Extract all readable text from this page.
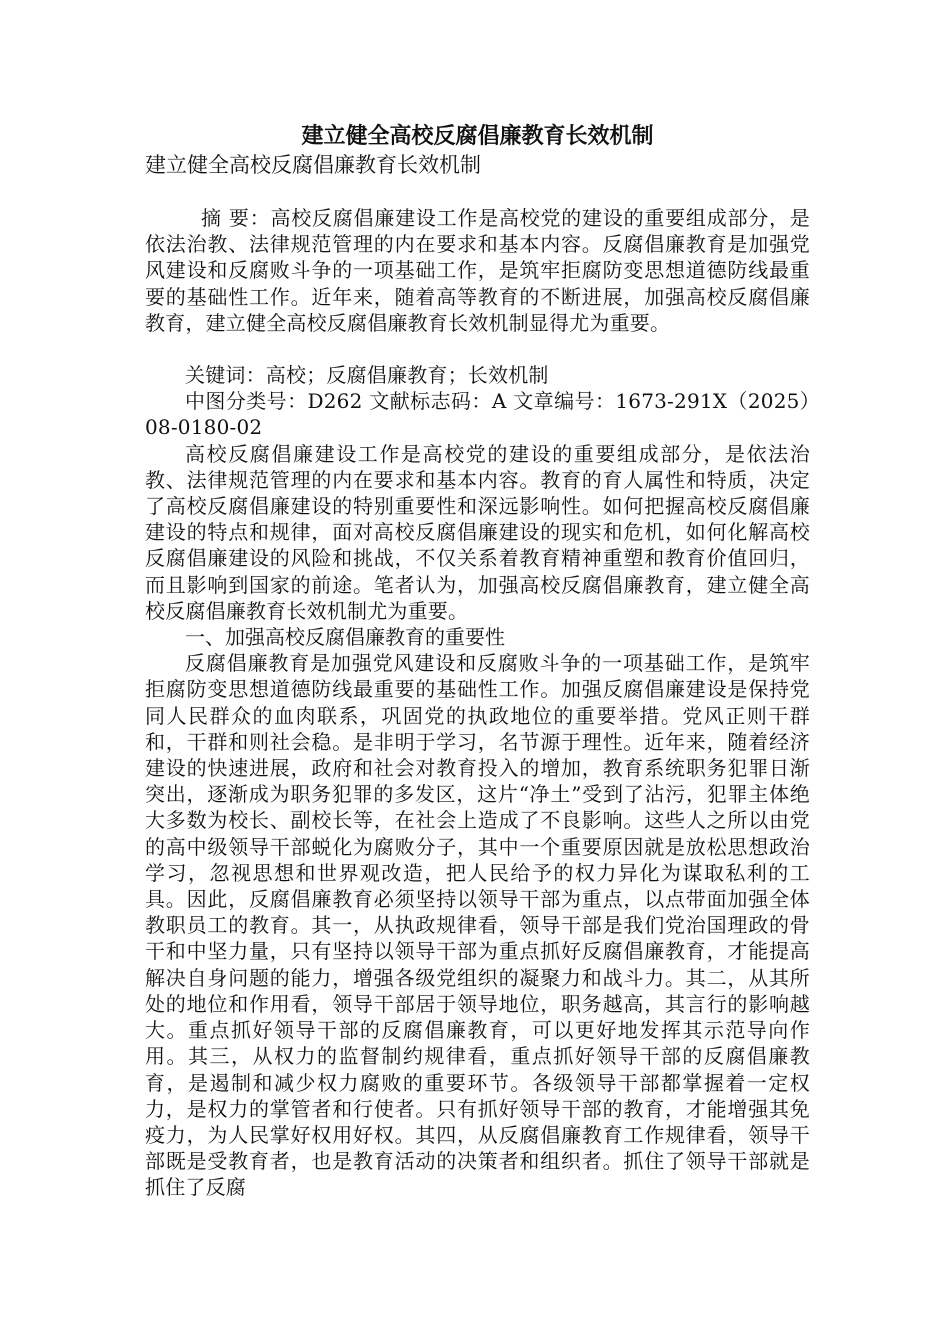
建立健全高校反腐倡廉教育长效机制

建立健全高校反腐倡廉教育长效机制

摘 要：高校反腐倡廉建设工作是高校党的建设的重要组成部分，是依法治教、法律规范管理的内在要求和基本内容。反腐倡廉教育是加强党风建设和反腐败斗争的一项基础工作，是筑牢拒腐防变思想道德防线最重要的基础性工作。近年来，随着高等教育的不断进展，加强高校反腐倡廉教育，建立健全高校反腐倡廉教育长效机制显得尤为重要。

关键词：高校；反腐倡廉教育；长效机制

中图分类号：D262 文献标志码：A 文章编号：1673-291X（2025）08-0180-02

高校反腐倡廉建设工作是高校党的建设的重要组成部分，是依法治教、法律规范管理的内在要求和基本内容。教育的育人属性和特质，决定了高校反腐倡廉建设的特别重要性和深远影响性。如何把握高校反腐倡廉建设的特点和规律，面对高校反腐倡廉建设的现实和危机，如何化解高校反腐倡廉建设的风险和挑战，不仅关系着教育精神重塑和教育价值回归，而且影响到国家的前途。笔者认为，加强高校反腐倡廉教育，建立健全高校反腐倡廉教育长效机制尤为重要。

一、加强高校反腐倡廉教育的重要性

反腐倡廉教育是加强党风建设和反腐败斗争的一项基础工作，是筑牢拒腐防变思想道德防线最重要的基础性工作。加强反腐倡廉建设是保持党同人民群众的血肉联系，巩固党的执政地位的重要举措。党风正则干群和，干群和则社会稳。是非明于学习，名节源于理性。近年来，随着经济建设的快速进展，政府和社会对教育投入的增加，教育系统职务犯罪日渐突出，逐渐成为职务犯罪的多发区，这片“净土”受到了沾污，犯罪主体绝大多数为校长、副校长等，在社会上造成了不良影响。这些人之所以由党的高中级领导干部蜕化为腐败分子，其中一个重要原因就是放松思想政治学习，忽视思想和世界观改造，把人民给予的权力异化为谋取私利的工具。因此，反腐倡廉教育必须坚持以领导干部为重点，以点带面加强全体教职员工的教育。其一，从执政规律看，领导干部是我们党治国理政的骨干和中坚力量，只有坚持以领导干部为重点抓好反腐倡廉教育，才能提高解决自身问题的能力，增强各级党组织的凝聚力和战斗力。其二，从其所处的地位和作用看，领导干部居于领导地位，职务越高，其言行的影响越大。重点抓好领导干部的反腐倡廉教育，可以更好地发挥其示范导向作用。其三，从权力的监督制约规律看，重点抓好领导干部的反腐倡廉教育，是遏制和减少权力腐败的重要环节。各级领导干部都掌握着一定权力，是权力的掌管者和行使者。只有抓好领导干部的教育，才能增强其免疫力，为人民掌好权用好权。其四，从反腐倡廉教育工作规律看，领导干部既是受教育者，也是教育活动的决策者和组织者。抓住了领导干部就是抓住了反腐
